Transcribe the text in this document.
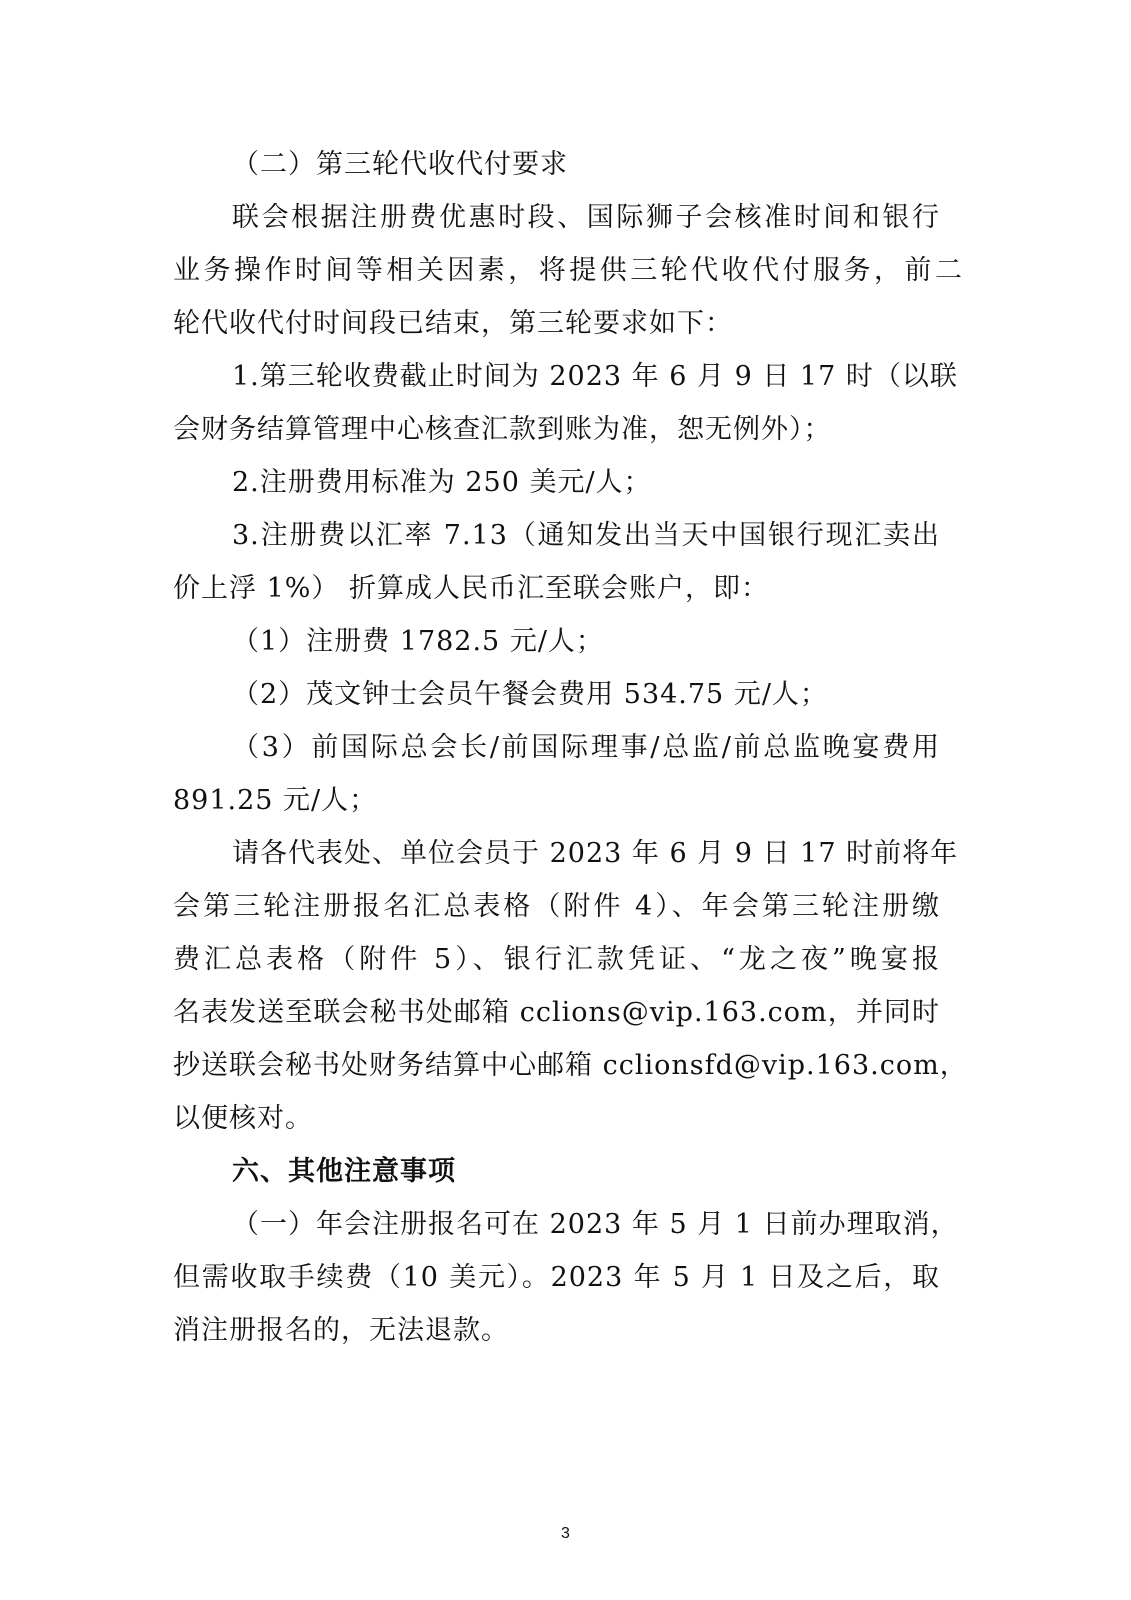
（二）第三轮代收代付要求
联会根据注册费优惠时段、国际狮子会核准时间和银行
业务操作时间等相关因素，将提供三轮代收代付服务，前二
轮代收代付时间段已结束，第三轮要求如下：
1.第三轮收费截止时间为 2023 年 6 月 9 日 17 时（以联
会财务结算管理中心核查汇款到账为准，恕无例外）；
2.注册费用标准为 250 美元/人；
3.注册费以汇率 7.13（通知发出当天中国银行现汇卖出
价上浮 1%） 折算成人民币汇至联会账户，即：
（1）注册费 1782.5 元/人；
（2）茂文钟士会员午餐会费用 534.75 元/人；
（3）前国际总会长/前国际理事/总监/前总监晚宴费用
891.25 元/人；
请各代表处、单位会员于 2023 年 6 月 9 日 17 时前将年
会第三轮注册报名汇总表格（附件 4）、年会第三轮注册缴
费汇总表格（附件 5）、银行汇款凭证、“龙之夜”晚宴报
名表发送至联会秘书处邮箱 cclions@vip.163.com，并同时
抄送联会秘书处财务结算中心邮箱 cclionsfd@vip.163.com，
以便核对。
六、其他注意事项
（一）年会注册报名可在 2023 年 5 月 1 日前办理取消，
但需收取手续费（10 美元）。2023 年 5 月 1 日及之后，取
消注册报名的，无法退款。
3
